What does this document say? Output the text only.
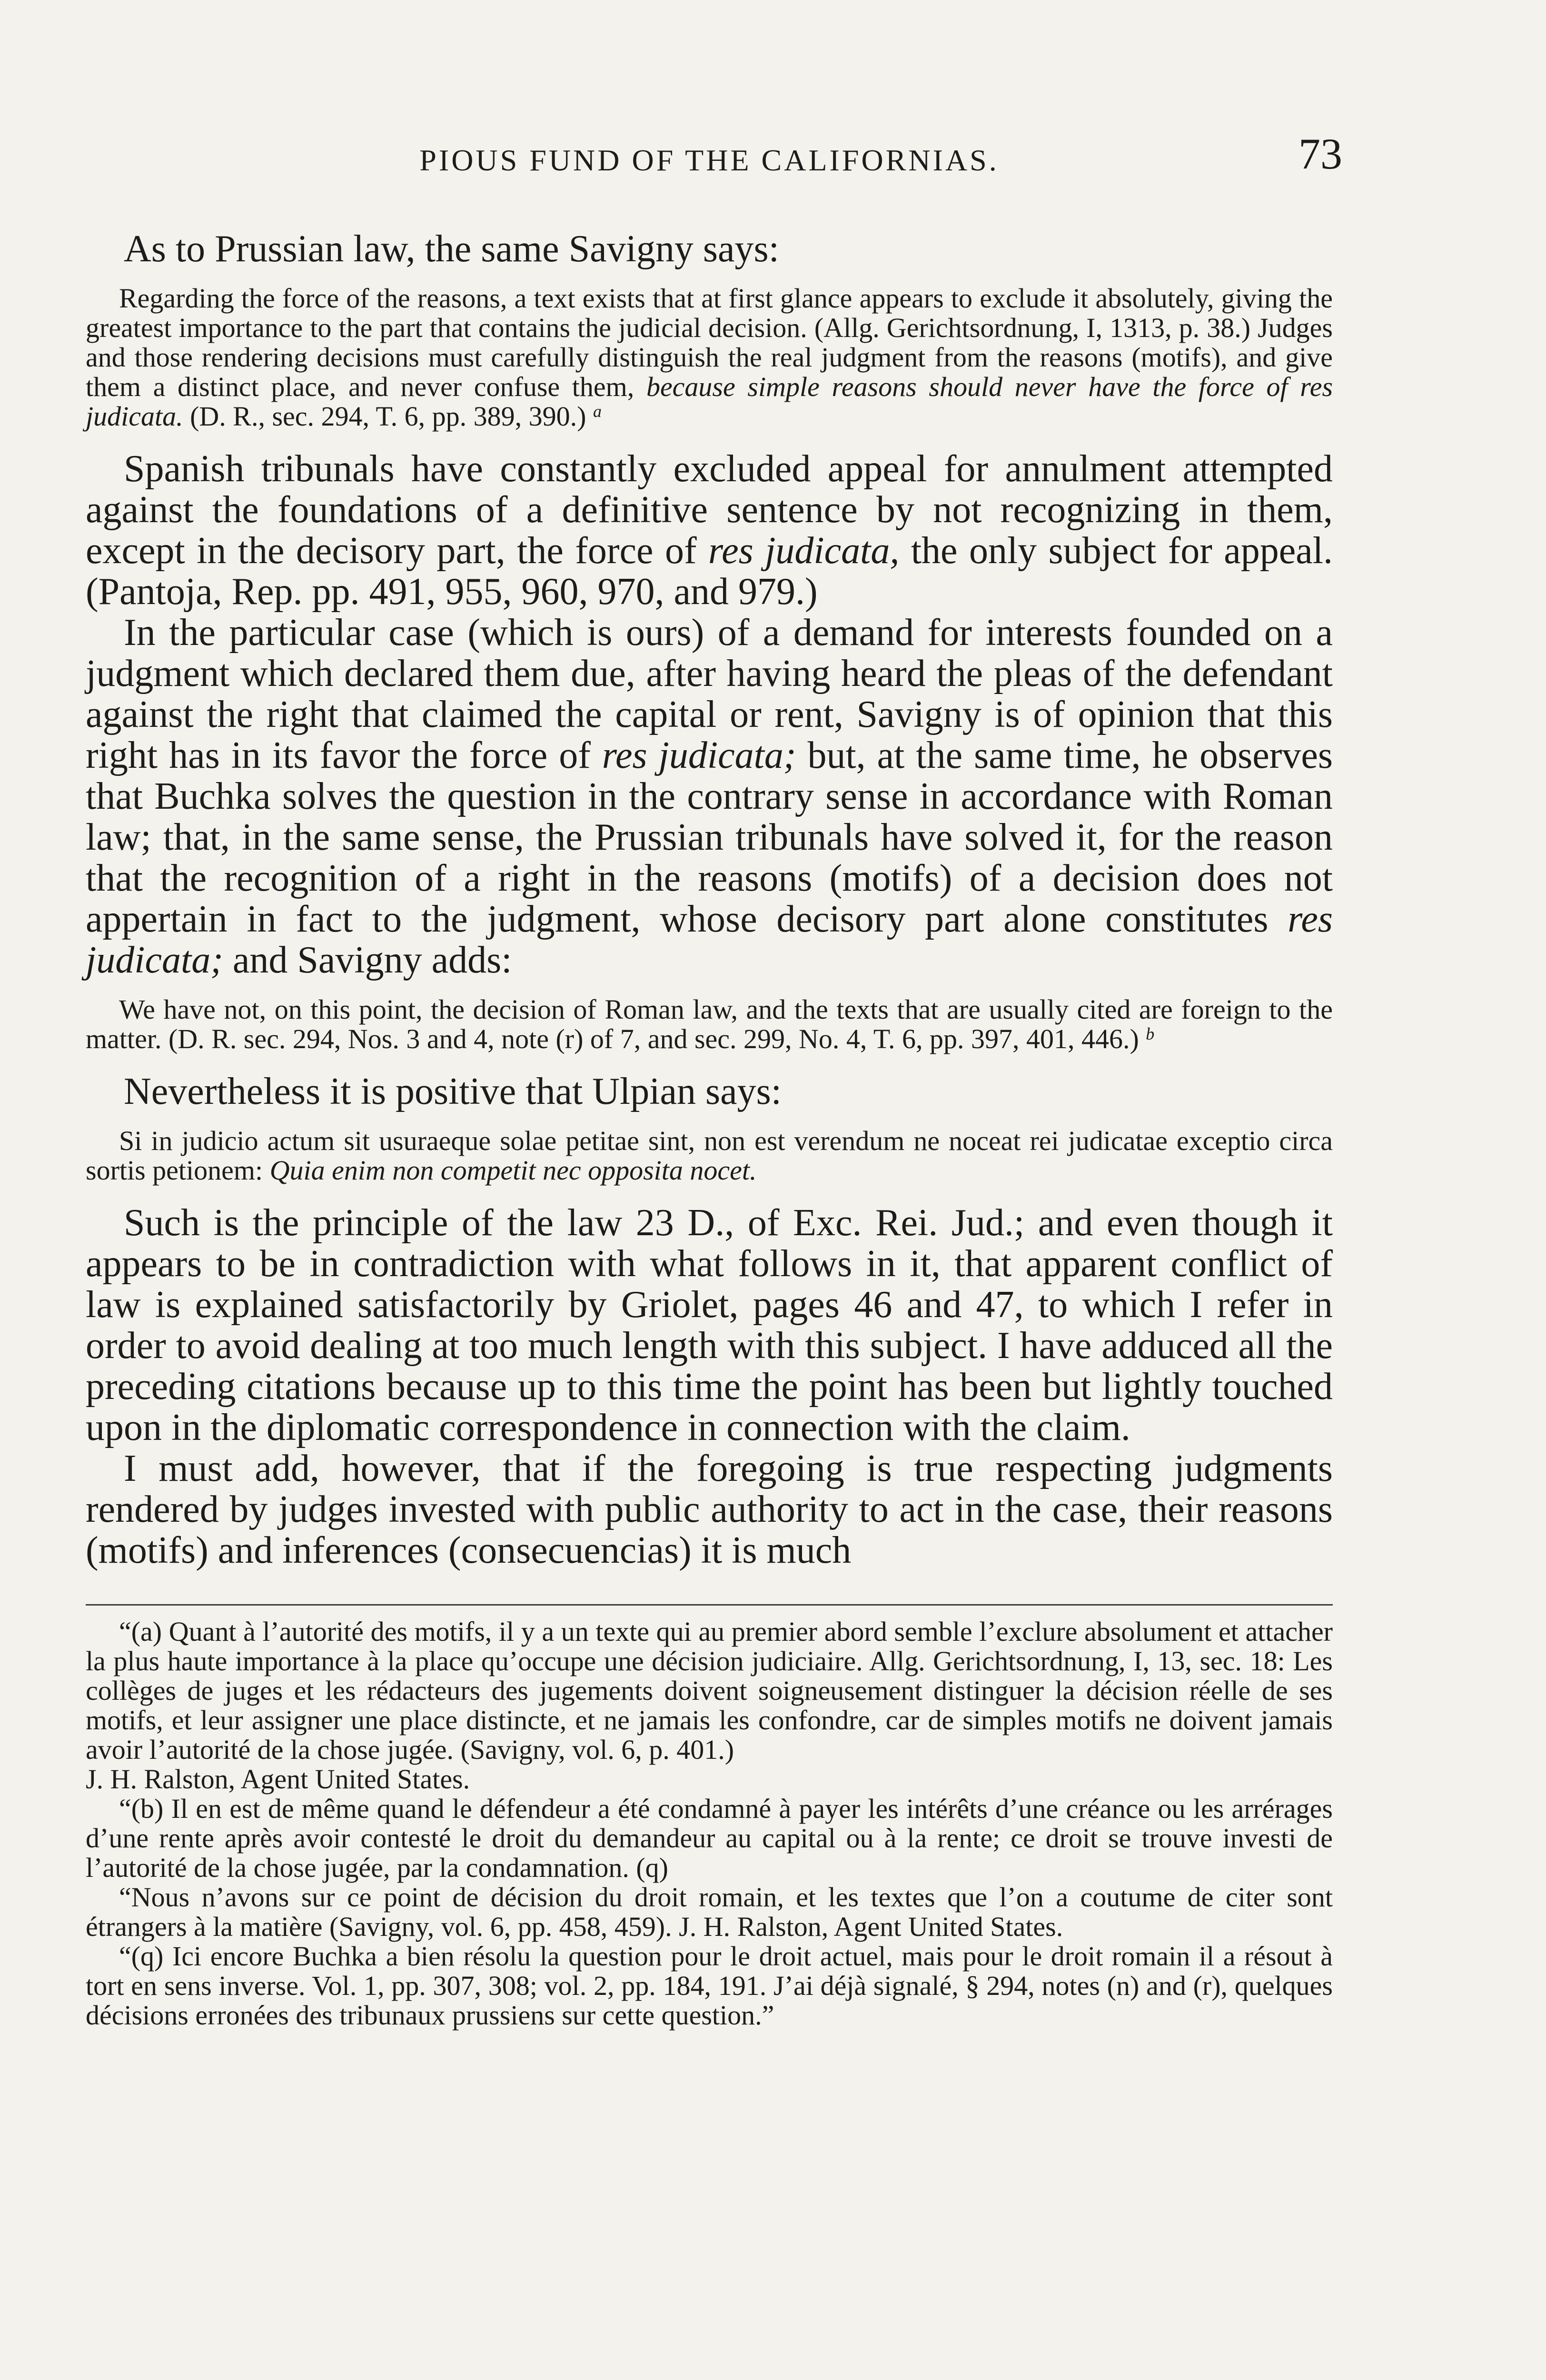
PIOUS FUND OF THE CALIFORNIAS.	73

As to Prussian law, the same Savigny says:

Regarding the force of the reasons, a text exists that at first glance appears to exclude it absolutely, giving the greatest importance to the part that contains the judicial decision. (Allg. Gerichtsordnung, I, 1313, p. 38.) Judges and those rendering decisions must carefully distinguish the real judgment from the reasons (motifs), and give them a distinct place, and never confuse them, because simple reasons should never have the force of res judicata. (D. R., sec. 294, T. 6, pp. 389, 390.) $^a$

Spanish tribunals have constantly excluded appeal for annulment attempted against the foundations of a definitive sentence by not recognizing in them, except in the decisory part, the force of res judicata, the only subject for appeal. (Pantoja, Rep. pp. 491, 955, 960, 970, and 979.)

In the particular case (which is ours) of a demand for interests founded on a judgment which declared them due, after having heard the pleas of the defendant against the right that claimed the capital or rent, Savigny is of opinion that this right has in its favor the force of res judicata; but, at the same time, he observes that Buchka solves the question in the contrary sense in accordance with Roman law; that, in the same sense, the Prussian tribunals have solved it, for the reason that the recognition of a right in the reasons (motifs) of a decision does not appertain in fact to the judgment, whose decisory part alone constitutes res judicata; and Savigny adds:

We have not, on this point, the decision of Roman law, and the texts that are usually cited are foreign to the matter. (D. R. sec. 294, Nos. 3 and 4, note (r) of 7, and sec. 299, No. 4, T. 6, pp. 397, 401, 446.) $^b$

Nevertheless it is positive that Ulpian says:

Si in judicio actum sit usuraeque solae petitae sint, non est verendum ne noceat rei judicatae exceptio circa sortis petionem: Quia enim non competit nec opposita nocet.

Such is the principle of the law 23 D., of Exc. Rei. Jud.; and even though it appears to be in contradiction with what follows in it, that apparent conflict of law is explained satisfactorily by Griolet, pages 46 and 47, to which I refer in order to avoid dealing at too much length with this subject. I have adduced all the preceding citations because up to this time the point has been but lightly touched upon in the diplomatic correspondence in connection with the claim.

I must add, however, that if the foregoing is true respecting judgments rendered by judges invested with public authority to act in the case, their reasons (motifs) and inferences (consecuencias) it is much

“(a) Quant à l’autorité des motifs, il y a un texte qui au premier abord semble l’exclure absolument et attacher la plus haute importance à la place qu’occupe une décision judiciaire. Allg. Gerichtsordnung, I, 13, sec. 18: Les collèges de juges et les rédacteurs des jugements doivent soigneusement distinguer la décision réelle de ses motifs, et leur assigner une place distincte, et ne jamais les confondre, car de simples motifs ne doivent jamais avoir l’autorité de la chose jugée. (Savigny, vol. 6, p. 401.)

J. H. Ralston, Agent United States.

“(b) Il en est de même quand le défendeur a été condamné à payer les intérêts d’une créance ou les arrérages d’une rente après avoir contesté le droit du demandeur au capital ou à la rente; ce droit se trouve investi de l’autorité de la chose jugée, par la condamnation. (q)

“Nous n’avons sur ce point de décision du droit romain, et les textes que l’on a coutume de citer sont étrangers à la matière (Savigny, vol. 6, pp. 458, 459). J. H. Ralston, Agent United States.

“(q) Ici encore Buchka a bien résolu la question pour le droit actuel, mais pour le droit romain il a résout à tort en sens inverse. Vol. 1, pp. 307, 308; vol. 2, pp. 184, 191. J’ai déjà signalé, § 294, notes (n) and (r), quelques décisions erronées des tribunaux prussiens sur cette question.”
